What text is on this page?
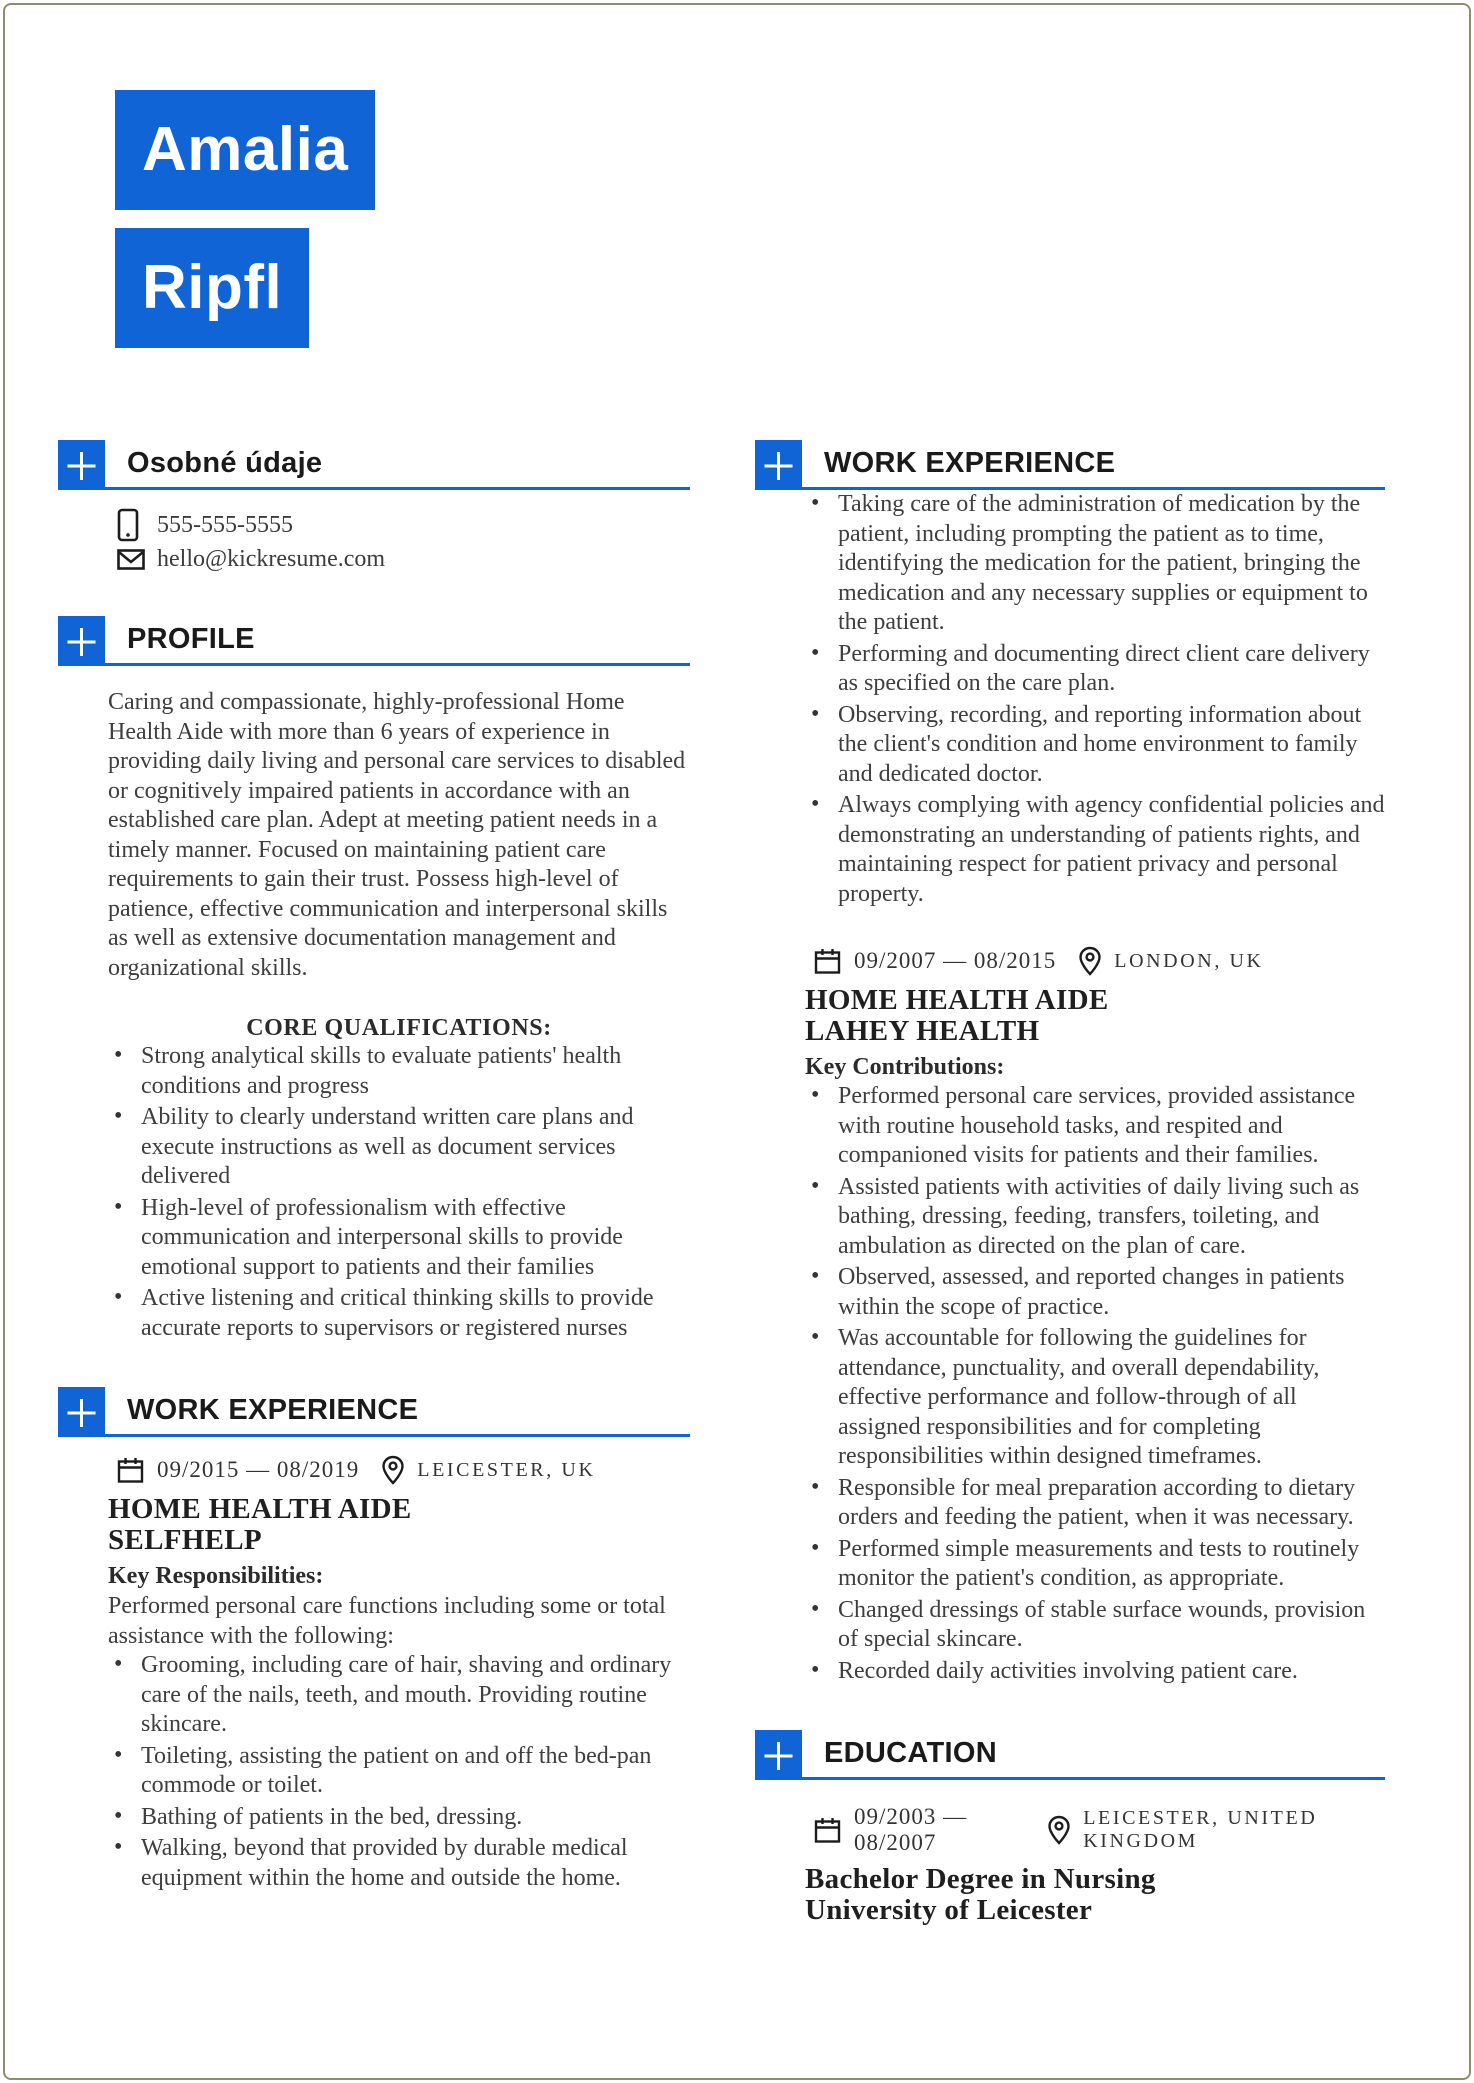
Amalia
Ripfl
Osobné údaje
555-555-5555
hello@kickresume.com
PROFILE
Caring and compassionate, highly-professional Home Health Aide with more than 6 years of experience in providing daily living and personal care services to disabled or cognitively impaired patients in accordance with an established care plan. Adept at meeting patient needs in a timely manner. Focused on maintaining patient care requirements to gain their trust. Possess high-level of patience, effective communication and interpersonal skills as well as extensive documentation management and organizational skills.
CORE QUALIFICATIONS:
• Strong analytical skills to evaluate patients' health conditions and progress
• Ability to clearly understand written care plans and execute instructions as well as document services delivered
• High-level of professionalism with effective communication and interpersonal skills to provide emotional support to patients and their families
• Active listening and critical thinking skills to provide accurate reports to supervisors or registered nurses
WORK EXPERIENCE
09/2015 — 08/2019	LEICESTER, UK
HOME HEALTH AIDE
SELFHELP
Key Responsibilities:
Performed personal care functions including some or total assistance with the following:
• Grooming, including care of hair, shaving and ordinary care of the nails, teeth, and mouth. Providing routine skincare.
• Toileting, assisting the patient on and off the bed-pan commode or toilet.
• Bathing of patients in the bed, dressing.
• Walking, beyond that provided by durable medical equipment within the home and outside the home.
WORK EXPERIENCE
• Taking care of the administration of medication by the patient, including prompting the patient as to time, identifying the medication for the patient, bringing the medication and any necessary supplies or equipment to the patient.
• Performing and documenting direct client care delivery as specified on the care plan.
• Observing, recording, and reporting information about the client's condition and home environment to family and dedicated doctor.
• Always complying with agency confidential policies and demonstrating an understanding of patients rights, and maintaining respect for patient privacy and personal property.
09/2007 — 08/2015	LONDON, UK
HOME HEALTH AIDE
LAHEY HEALTH
Key Contributions:
• Performed personal care services, provided assistance with routine household tasks, and respited and companioned visits for patients and their families.
• Assisted patients with activities of daily living such as bathing, dressing, feeding, transfers, toileting, and ambulation as directed on the plan of care.
• Observed, assessed, and reported changes in patients within the scope of practice.
• Was accountable for following the guidelines for attendance, punctuality, and overall dependability, effective performance and follow-through of all assigned responsibilities and for completing responsibilities within designed timeframes.
• Responsible for meal preparation according to dietary orders and feeding the patient, when it was necessary.
• Performed simple measurements and tests to routinely monitor the patient's condition, as appropriate.
• Changed dressings of stable surface wounds, provision of special skincare.
• Recorded daily activities involving patient care.
EDUCATION
09/2003 — 08/2007
LEICESTER, UNITED KINGDOM
Bachelor Degree in Nursing
University of Leicester
